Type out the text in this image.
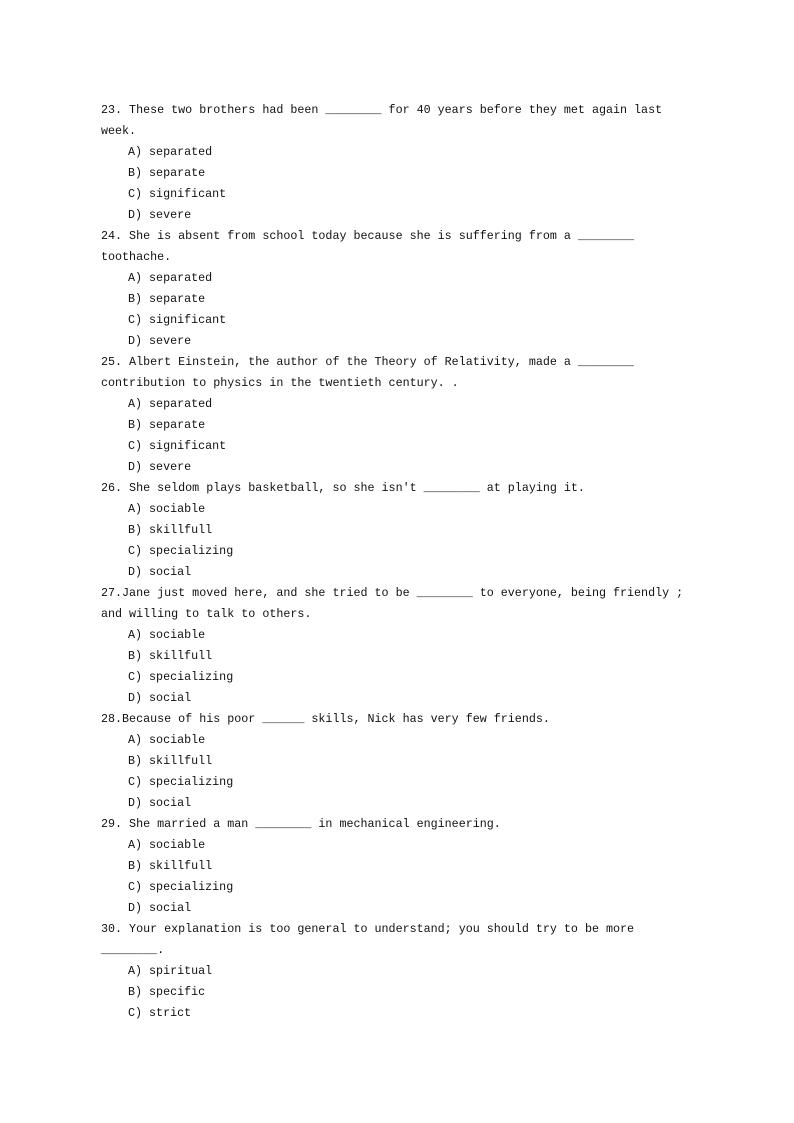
23. These two brothers had been ________ for 40 years before they met again last week.
A) separated
B) separate
C) significant
D) severe
24. She is absent from school today because she is suffering from a ________ toothache.
A) separated
B) separate
C) significant
D) severe
25. Albert Einstein, the author of the Theory of Relativity, made a ________ contribution to physics in the twentieth century. .
A) separated
B) separate
C) significant
D) severe
26. She seldom plays basketball, so she isn't ________ at playing it.
A) sociable
B) skillfull
C) specializing
D) social
27.Jane just moved here, and she tried to be ________ to everyone, being friendly ; and willing to talk to others.
A) sociable
B) skillfull
C) specializing
D) social
28.Because of his poor ______ skills, Nick has very few friends.
A) sociable
B) skillfull
C) specializing
D) social
29. She married a man ________ in mechanical engineering.
A) sociable
B) skillfull
C) specializing
D) social
30. Your explanation is too general to understand; you should try to be more ________.
A) spiritual
B) specific
C) strict
